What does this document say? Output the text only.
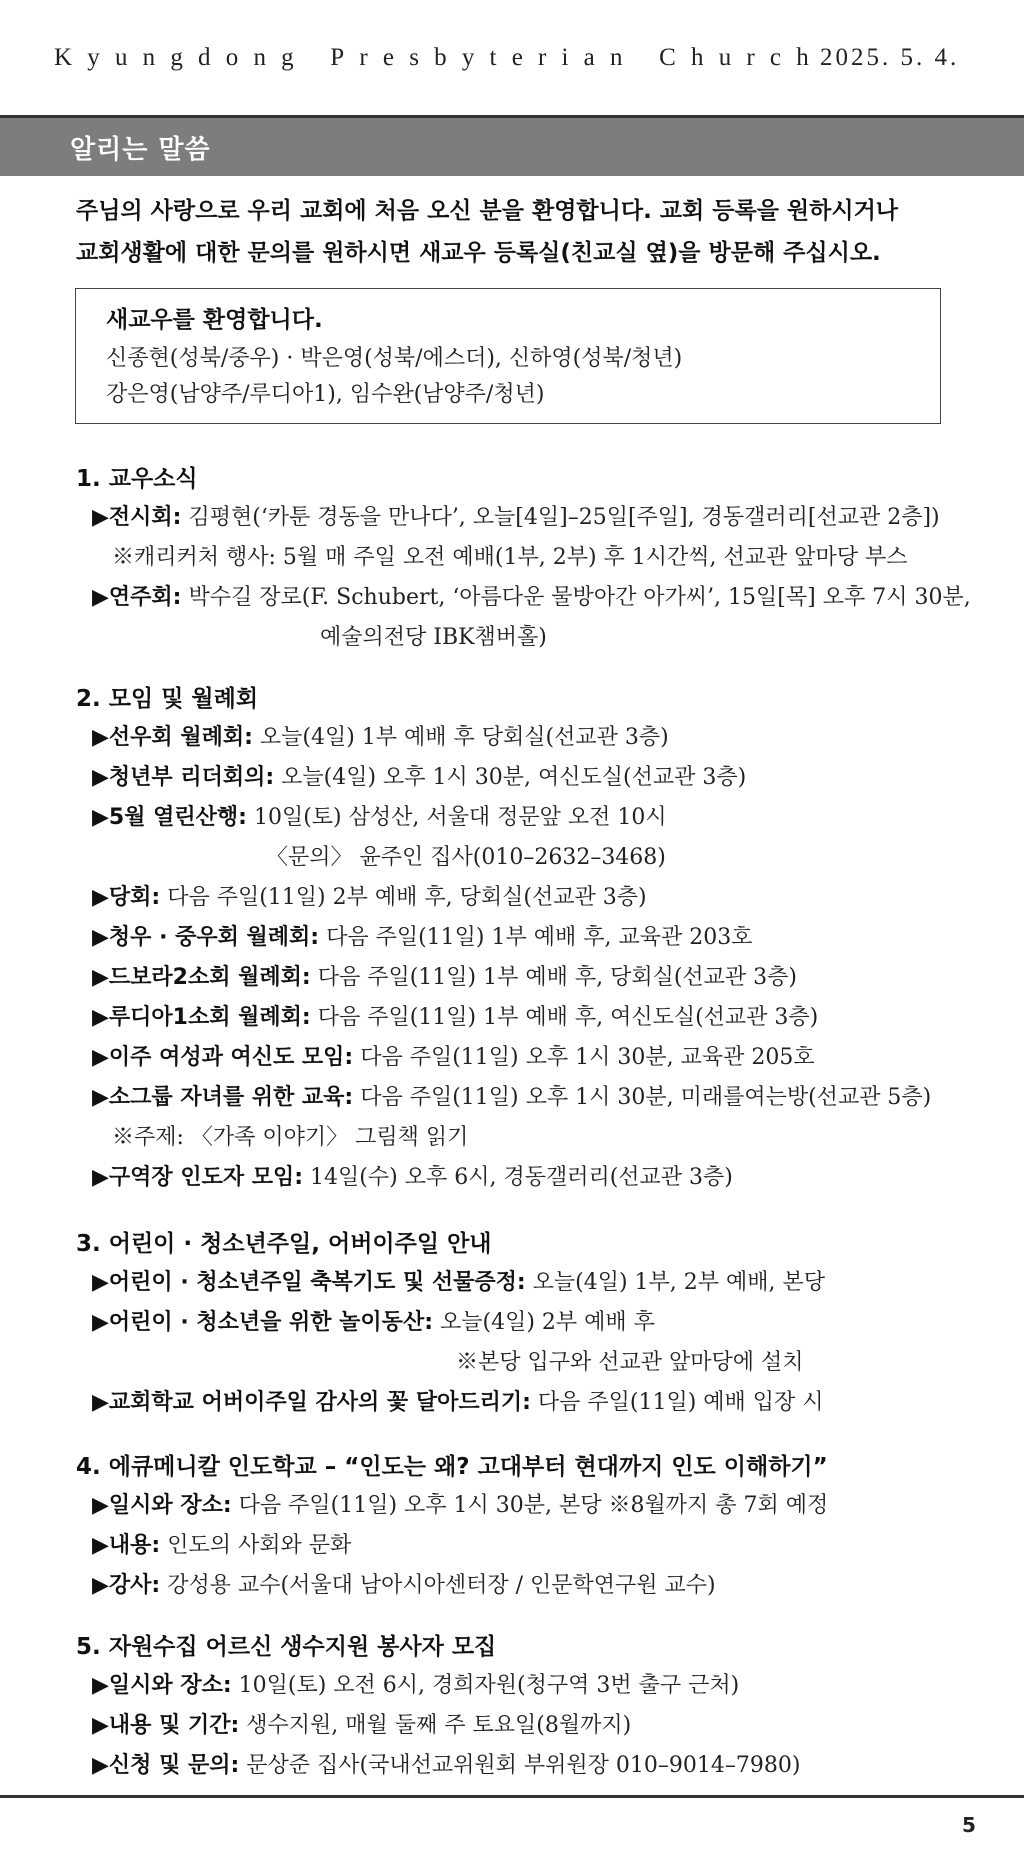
Kyungdong Presbyterian Church
2025. 5. 4.
알리는 말씀
주님의 사랑으로 우리 교회에 처음 오신 분을 환영합니다. 교회 등록을 원하시거나
교회생활에 대한 문의를 원하시면 새교우 등록실(친교실 옆)을 방문해 주십시오.
새교우를 환영합니다.
신종현(성북/중우) · 박은영(성북/에스더), 신하영(성북/청년)
강은영(남양주/루디아1), 임수완(남양주/청년)
1. 교우소식
▶전시회: 김평현(‘카툰 경동을 만나다’, 오늘[4일]–25일[주일], 경동갤러리[선교관 2층])
※캐리커처 행사: 5월 매 주일 오전 예배(1부, 2부) 후 1시간씩, 선교관 앞마당 부스
▶연주회: 박수길 장로(F. Schubert, ‘아름다운 물방아간 아가씨’, 15일[목] 오후 7시 30분,
예술의전당 IBK챔버홀)
2. 모임 및 월례회
▶선우회 월례회: 오늘(4일) 1부 예배 후 당회실(선교관 3층)
▶청년부 리더회의: 오늘(4일) 오후 1시 30분, 여신도실(선교관 3층)
▶5월 열린산행: 10일(토) 삼성산, 서울대 정문앞 오전 10시
〈문의〉 윤주인 집사(010–2632–3468)
▶당회: 다음 주일(11일) 2부 예배 후, 당회실(선교관 3층)
▶청우 · 중우회 월례회: 다음 주일(11일) 1부 예배 후, 교육관 203호
▶드보라2소회 월례회: 다음 주일(11일) 1부 예배 후, 당회실(선교관 3층)
▶루디아1소회 월례회: 다음 주일(11일) 1부 예배 후, 여신도실(선교관 3층)
▶이주 여성과 여신도 모임: 다음 주일(11일) 오후 1시 30분, 교육관 205호
▶소그룹 자녀를 위한 교육: 다음 주일(11일) 오후 1시 30분, 미래를여는방(선교관 5층)
※주제: 〈가족 이야기〉 그림책 읽기
▶구역장 인도자 모임: 14일(수) 오후 6시, 경동갤러리(선교관 3층)
3. 어린이 · 청소년주일, 어버이주일 안내
▶어린이 · 청소년주일 축복기도 및 선물증정: 오늘(4일) 1부, 2부 예배, 본당
▶어린이 · 청소년을 위한 놀이동산: 오늘(4일) 2부 예배 후
※본당 입구와 선교관 앞마당에 설치
▶교회학교 어버이주일 감사의 꽃 달아드리기: 다음 주일(11일) 예배 입장 시
4. 에큐메니칼 인도학교 – “인도는 왜? 고대부터 현대까지 인도 이해하기”
▶일시와 장소: 다음 주일(11일) 오후 1시 30분, 본당 ※8월까지 총 7회 예정
▶내용: 인도의 사회와 문화
▶강사: 강성용 교수(서울대 남아시아센터장 / 인문학연구원 교수)
5. 자원수집 어르신 생수지원 봉사자 모집
▶일시와 장소: 10일(토) 오전 6시, 경희자원(청구역 3번 출구 근처)
▶내용 및 기간: 생수지원, 매월 둘째 주 토요일(8월까지)
▶신청 및 문의: 문상준 집사(국내선교위원회 부위원장 010–9014–7980)
5
